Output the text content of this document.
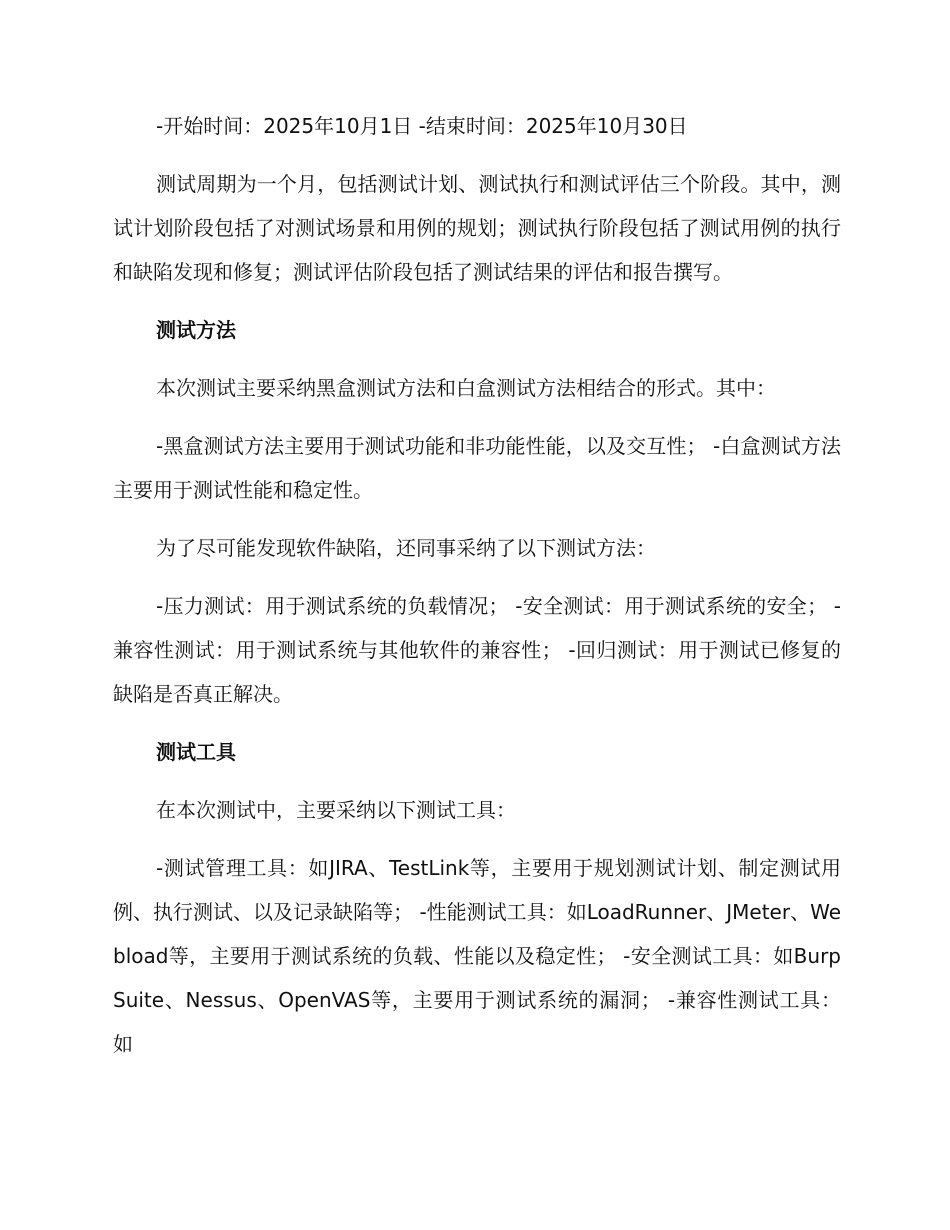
-开始时间：2025年10月1日 -结束时间：2025年10月30日

测试周期为一个月，包括测试计划、测试执行和测试评估三个阶段。其中，测试计划阶段包括了对测试场景和用例的规划；测试执行阶段包括了测试用例的执行和缺陷发现和修复；测试评估阶段包括了测试结果的评估和报告撰写。

测试方法

本次测试主要采纳黑盒测试方法和白盒测试方法相结合的形式。其中：

-黑盒测试方法主要用于测试功能和非功能性能，以及交互性； -白盒测试方法主要用于测试性能和稳定性。

为了尽可能发现软件缺陷，还同事采纳了以下测试方法：

-压力测试：用于测试系统的负载情况； -安全测试：用于测试系统的安全； -兼容性测试：用于测试系统与其他软件的兼容性； -回归测试：用于测试已修复的缺陷是否真正解决。

测试工具

在本次测试中，主要采纳以下测试工具：

-测试管理工具：如JIRA、TestLink等，主要用于规划测试计划、制定测试用例、执行测试、以及记录缺陷等； -性能测试工具：如LoadRunner、JMeter、Webload等，主要用于测试系统的负载、性能以及稳定性； -安全测试工具：如Burp Suite、Nessus、OpenVAS等，主要用于测试系统的漏洞； -兼容性测试工具：如
